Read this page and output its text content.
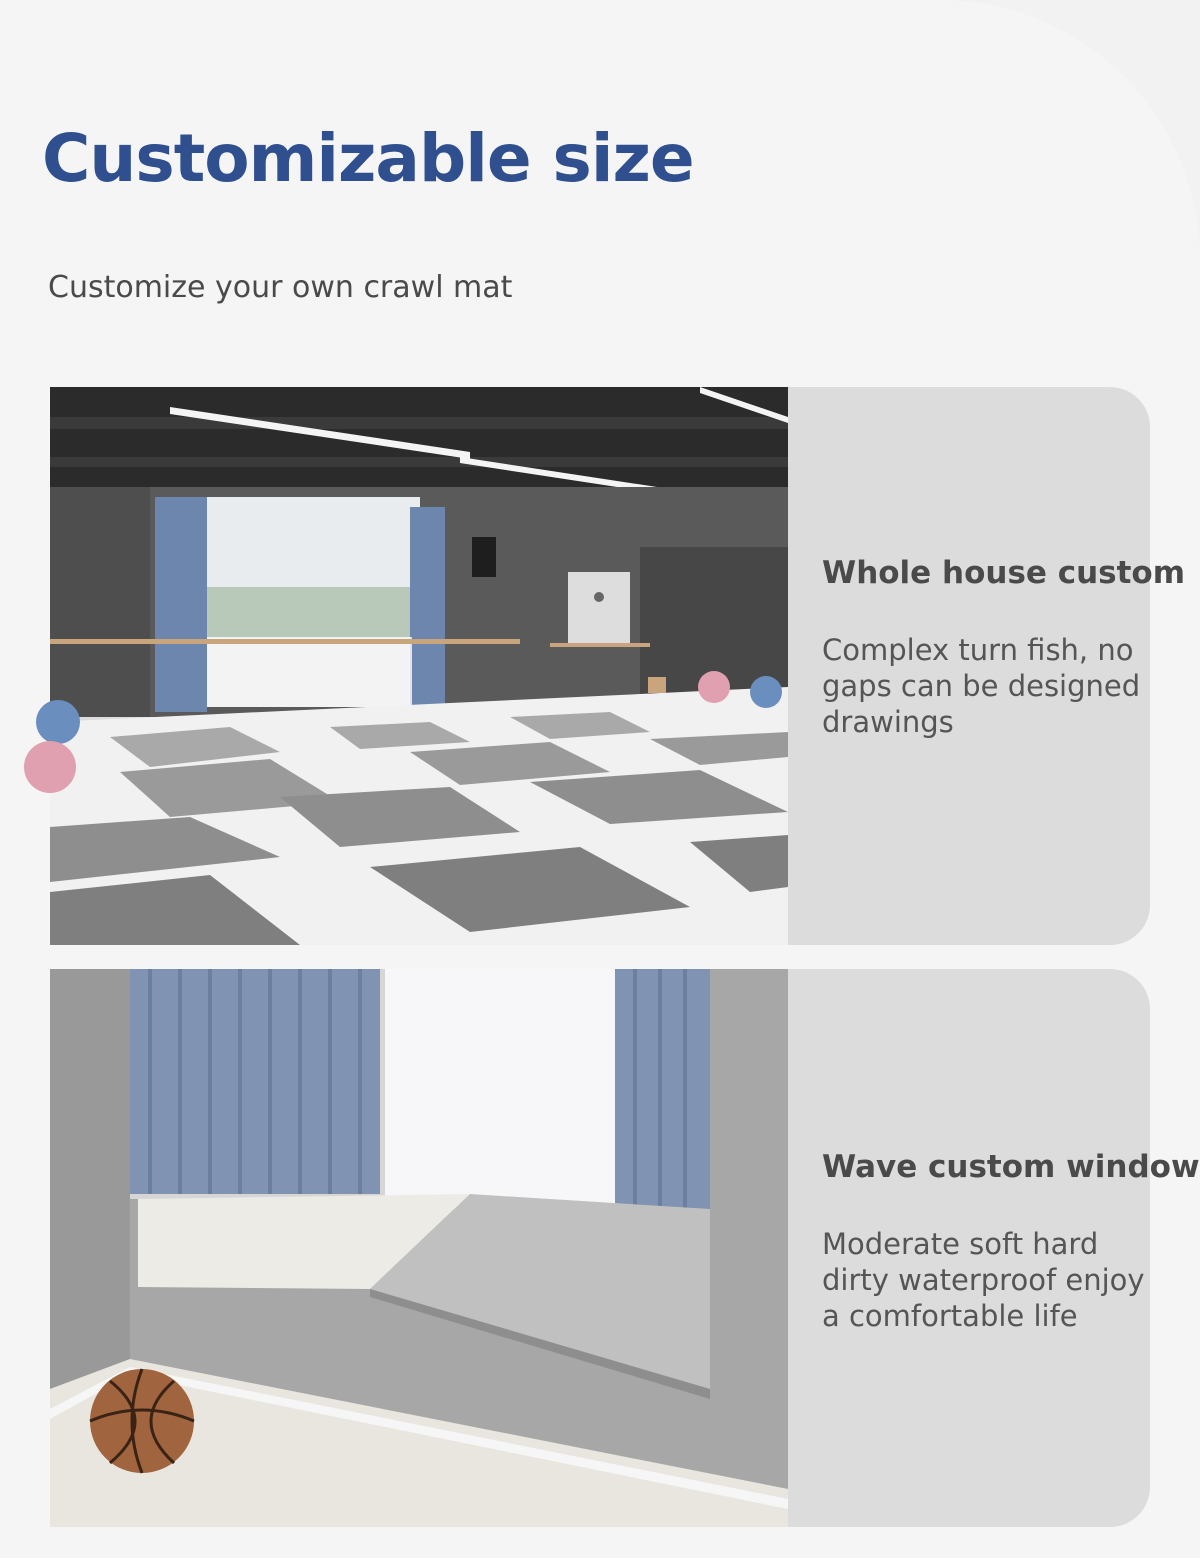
Customizable size

Customize your own crawl mat

Whole house custom

Complex turn fish, no gaps can be designed drawings

Wave custom window

Moderate soft hard dirty waterproof enjoy a comfortable life
